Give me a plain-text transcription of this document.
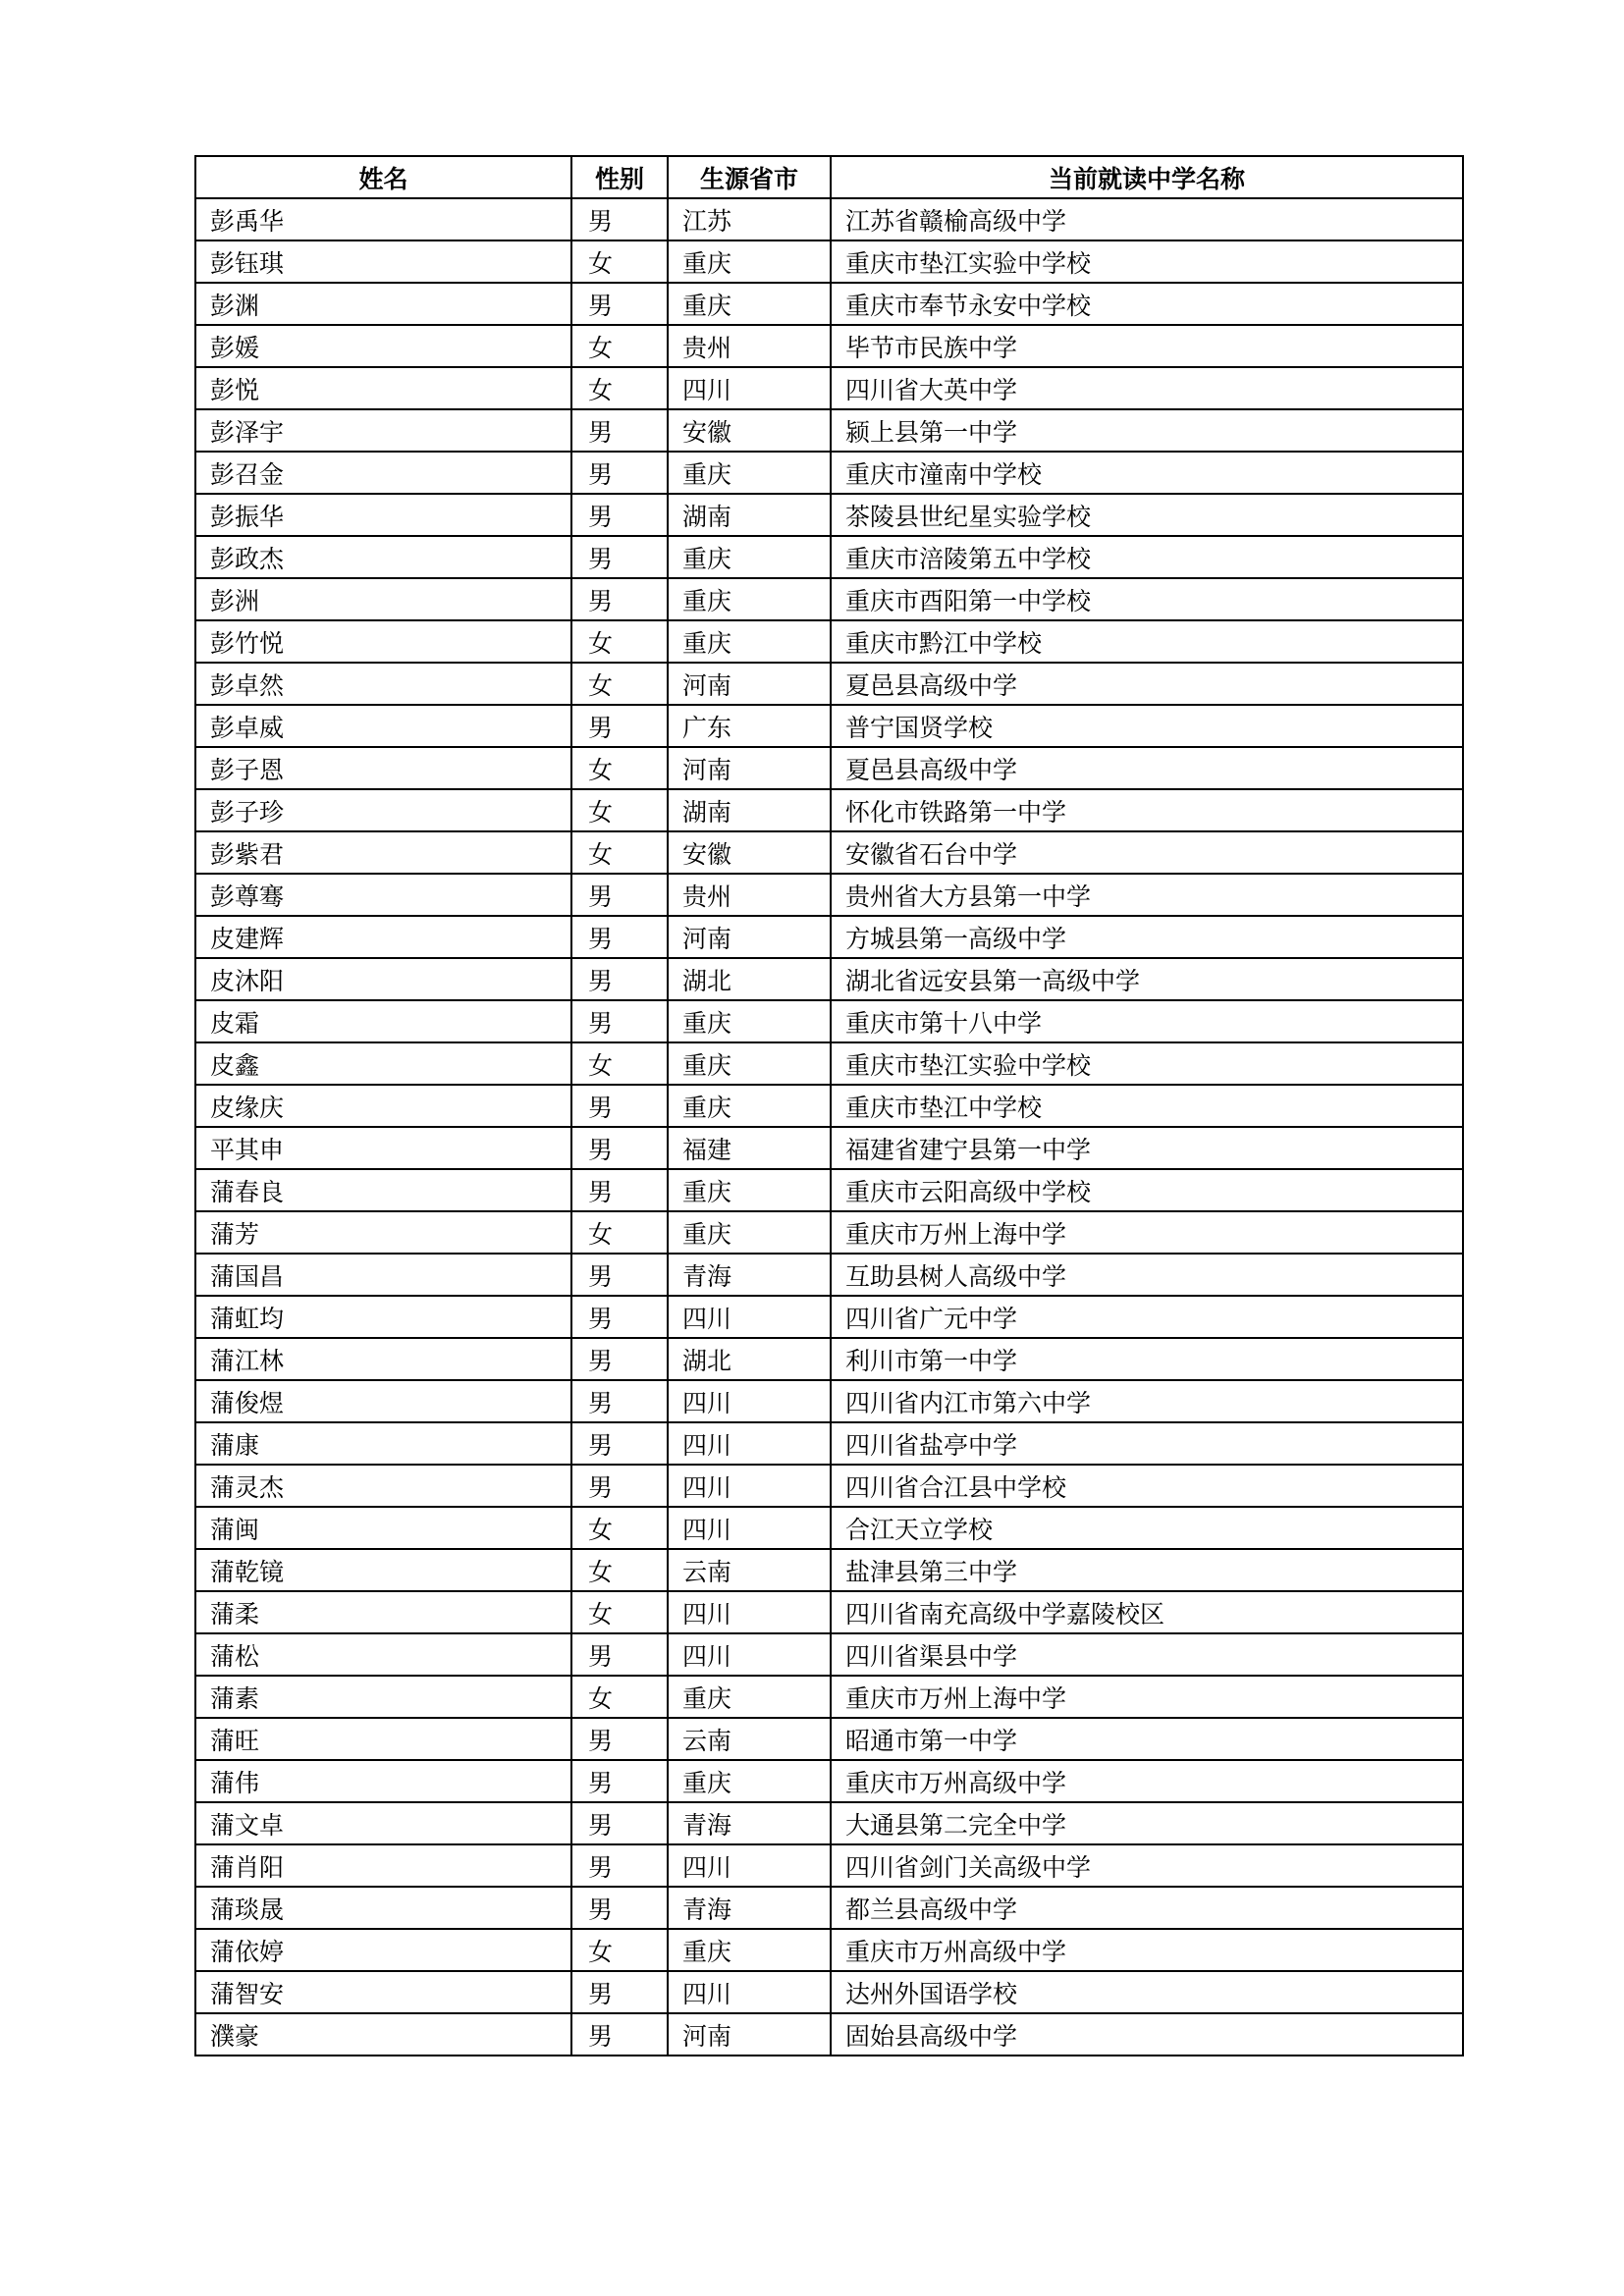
姓名	性别	生源省市	当前就读中学名称
彭禹华	男	江苏	江苏省赣榆高级中学
彭钰琪	女	重庆	重庆市垫江实验中学校
彭渊	男	重庆	重庆市奉节永安中学校
彭媛	女	贵州	毕节市民族中学
彭悦	女	四川	四川省大英中学
彭泽宇	男	安徽	颍上县第一中学
彭召金	男	重庆	重庆市潼南中学校
彭振华	男	湖南	茶陵县世纪星实验学校
彭政杰	男	重庆	重庆市涪陵第五中学校
彭洲	男	重庆	重庆市酉阳第一中学校
彭竹悦	女	重庆	重庆市黔江中学校
彭卓然	女	河南	夏邑县高级中学
彭卓威	男	广东	普宁国贤学校
彭子恩	女	河南	夏邑县高级中学
彭子珍	女	湖南	怀化市铁路第一中学
彭紫君	女	安徽	安徽省石台中学
彭尊骞	男	贵州	贵州省大方县第一中学
皮建辉	男	河南	方城县第一高级中学
皮沐阳	男	湖北	湖北省远安县第一高级中学
皮霜	男	重庆	重庆市第十八中学
皮鑫	女	重庆	重庆市垫江实验中学校
皮缘庆	男	重庆	重庆市垫江中学校
平其申	男	福建	福建省建宁县第一中学
蒲春良	男	重庆	重庆市云阳高级中学校
蒲芳	女	重庆	重庆市万州上海中学
蒲国昌	男	青海	互助县树人高级中学
蒲虹均	男	四川	四川省广元中学
蒲江林	男	湖北	利川市第一中学
蒲俊煜	男	四川	四川省内江市第六中学
蒲康	男	四川	四川省盐亭中学
蒲灵杰	男	四川	四川省合江县中学校
蒲闽	女	四川	合江天立学校
蒲乾镜	女	云南	盐津县第三中学
蒲柔	女	四川	四川省南充高级中学嘉陵校区
蒲松	男	四川	四川省渠县中学
蒲素	女	重庆	重庆市万州上海中学
蒲旺	男	云南	昭通市第一中学
蒲伟	男	重庆	重庆市万州高级中学
蒲文卓	男	青海	大通县第二完全中学
蒲肖阳	男	四川	四川省剑门关高级中学
蒲琰晟	男	青海	都兰县高级中学
蒲依婷	女	重庆	重庆市万州高级中学
蒲智安	男	四川	达州外国语学校
濮豪	男	河南	固始县高级中学
